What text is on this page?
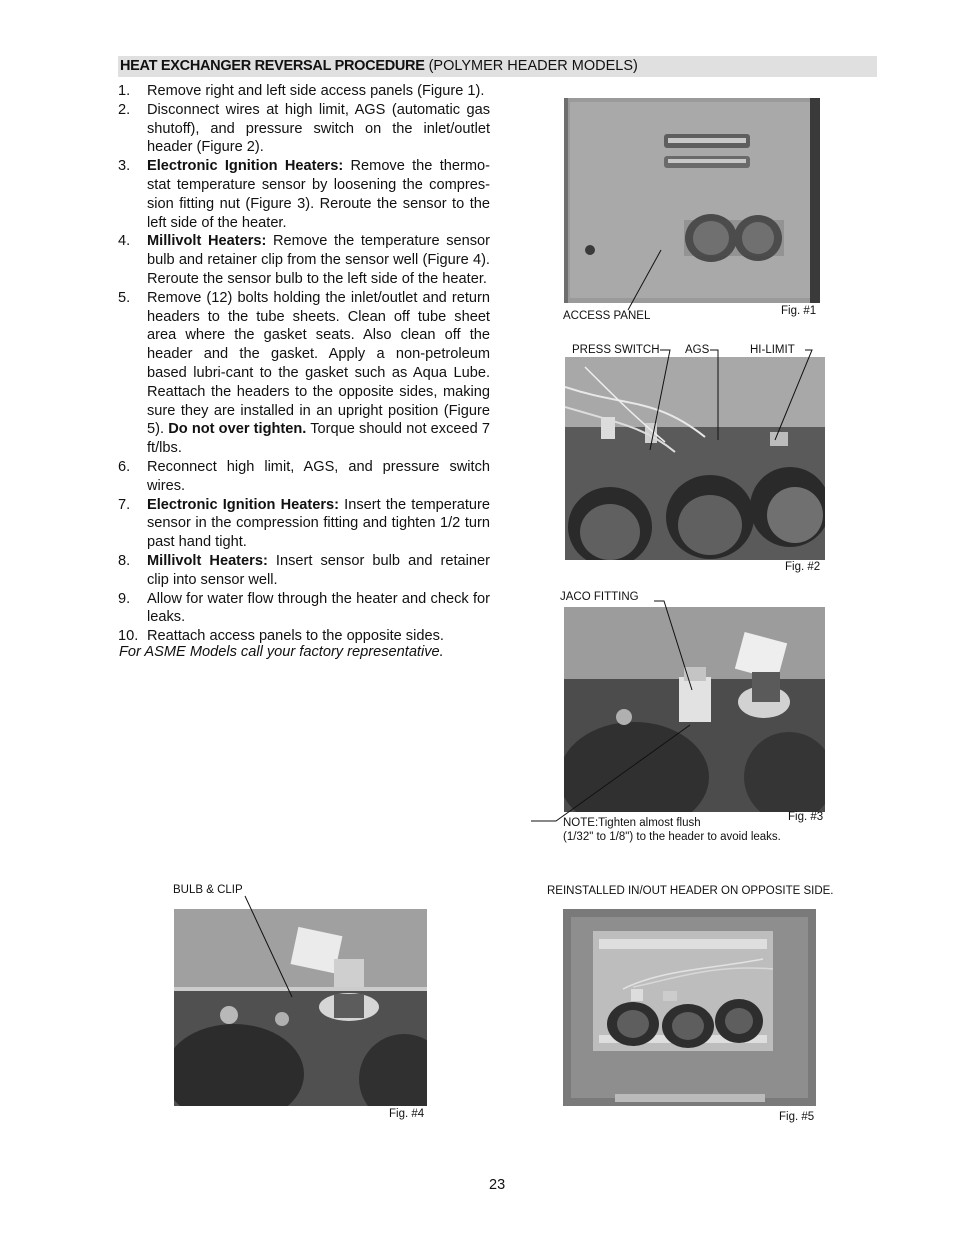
HEAT EXCHANGER REVERSAL PROCEDURE (POLYMER HEADER MODELS)
1. Remove right and left side access panels (Figure 1).
2. Disconnect wires at high limit, AGS (automatic gas shutoff), and pressure switch on the inlet/outlet header (Figure 2).
3. Electronic Ignition Heaters: Remove the thermo-stat temperature sensor by loosening the compres-sion fitting nut (Figure 3). Reroute the sensor to the left side of the heater.
4. Millivolt Heaters: Remove the temperature sensor bulb and retainer clip from the sensor well (Figure 4). Reroute the sensor bulb to the left side of the heater.
5. Remove (12) bolts holding the inlet/outlet and return headers to the tube sheets. Clean off tube sheet area where the gasket seats. Also clean off the header and the gasket. Apply a non-petroleum based lubri-cant to the gasket such as Aqua Lube. Reattach the headers to the opposite sides, making sure they are installed in an upright position (Figure 5). Do not over tighten. Torque should not exceed 7 ft/lbs.
6. Reconnect high limit, AGS, and pressure switch wires.
7. Electronic Ignition Heaters: Insert the temperature sensor in the compression fitting and tighten 1/2 turn past hand tight.
8. Millivolt Heaters: Insert sensor bulb and retainer clip into sensor well.
9. Allow for water flow through the heater and check for leaks.
10. Reattach access panels to the opposite sides.
For ASME Models call your factory representative.
Fig. #1
ACCESS PANEL
PRESS SWITCH AGS	HI-LIMIT
Fig. #2
JACO FITTING
Fig. #3
NOTE:Tighten almost flush
(1/32" to 1/8") to the header to avoid leaks.
BULB & CLIP
Fig. #4
REINSTALLED IN/OUT HEADER ON OPPOSITE SIDE.
Fig. #5
23
